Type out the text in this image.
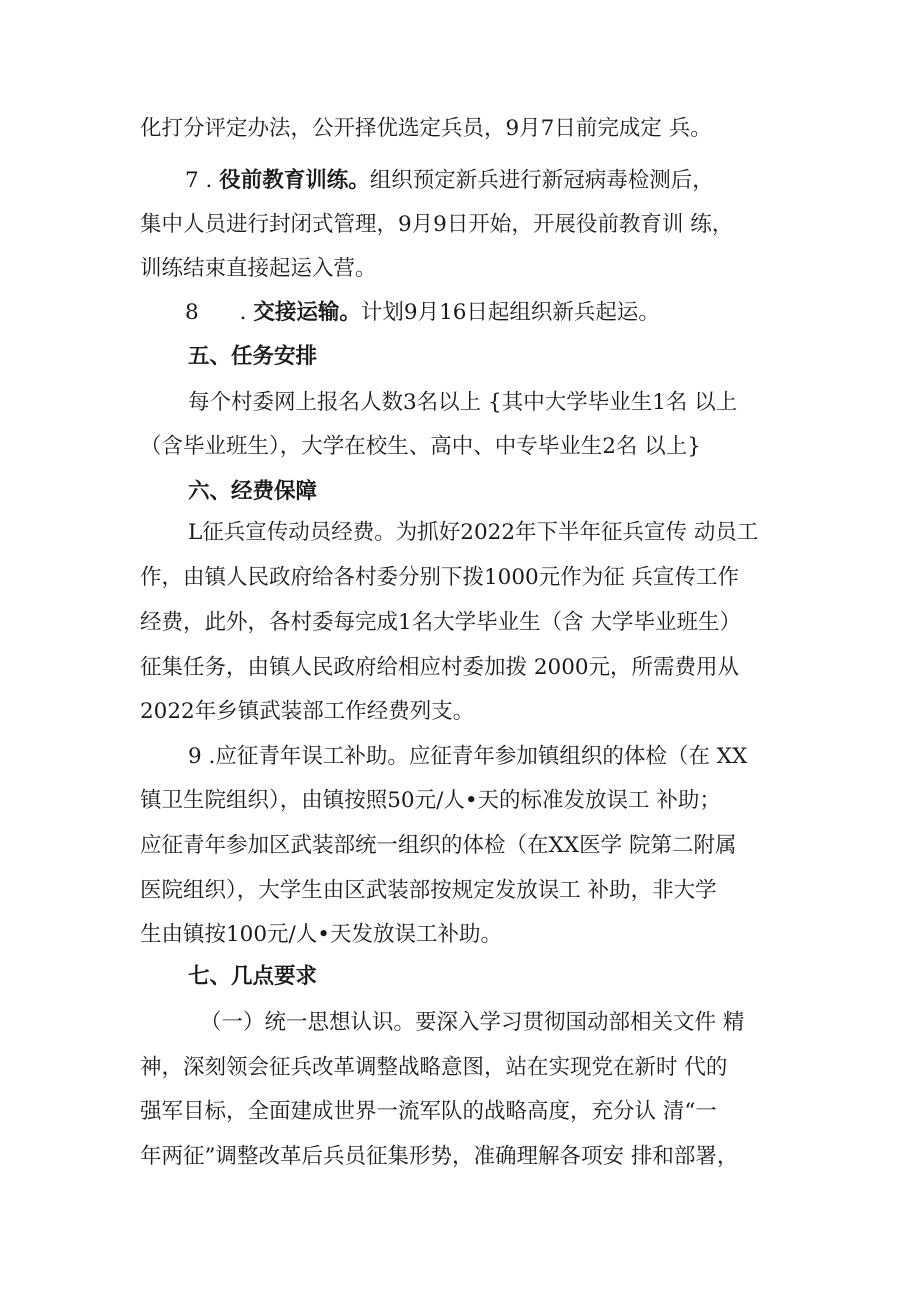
化打分评定办法，公开择优选定兵员，9月7日前完成定 兵。

7 . 役前教育训练。组织预定新兵进行新冠病毒检测后，

集中人员进行封闭式管理，9月9日开始，开展役前教育训 练，

训练结束直接起运入营。

8      . 交接运输。计划9月16日起组织新兵起运。

五、任务安排

每个村委网上报名人数3名以上 {其中大学毕业生1名 以上

（含毕业班生），大学在校生、高中、中专毕业生2名 以上}

六、经费保障

L征兵宣传动员经费。为抓好2022年下半年征兵宣传 动员工

作，由镇人民政府给各村委分别下拨1000元作为征 兵宣传工作

经费，此外，各村委每完成1名大学毕业生（含 大学毕业班生）

征集任务，由镇人民政府给相应村委加拨 2000元，所需费用从

2022年乡镇武装部工作经费列支。

9 .应征青年误工补助。应征青年参加镇组织的体检（在 XX

镇卫生院组织），由镇按照50元/人•天的标准发放误工 补助；

应征青年参加区武装部统一组织的体检（在XX医学 院第二附属

医院组织），大学生由区武装部按规定发放误工 补助，非大学

生由镇按100元/人•天发放误工补助。

七、几点要求

（一）统一思想认识。要深入学习贯彻国动部相关文件 精

神，深刻领会征兵改革调整战略意图，站在实现党在新时 代的

强军目标，全面建成世界一流军队的战略高度，充分认 清“一

年两征”调整改革后兵员征集形势，准确理解各项安 排和部署，
